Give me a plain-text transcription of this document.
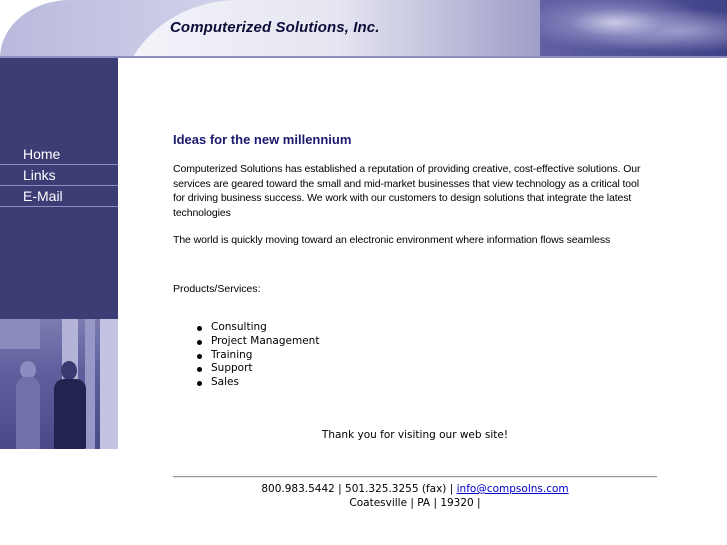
Computerized Solutions, Inc.
Home
Links
E-Mail
Ideas for the new millennium

Computerized Solutions has established a reputation of providing creative, cost-effective solutions. Our services are geared toward the small and mid-market businesses that view technology as a critical tool for driving business success. We work with our customers to design solutions that integrate the latest technologies

The world is quickly moving toward an electronic environment where information flows seamless

Products/Services:

Consulting
Project Management
Training
Support
Sales

Thank you for visiting our web site!

800.983.5442 | 501.325.3255 (fax) | info@compsolns.com
Coatesville | PA | 19320 |
